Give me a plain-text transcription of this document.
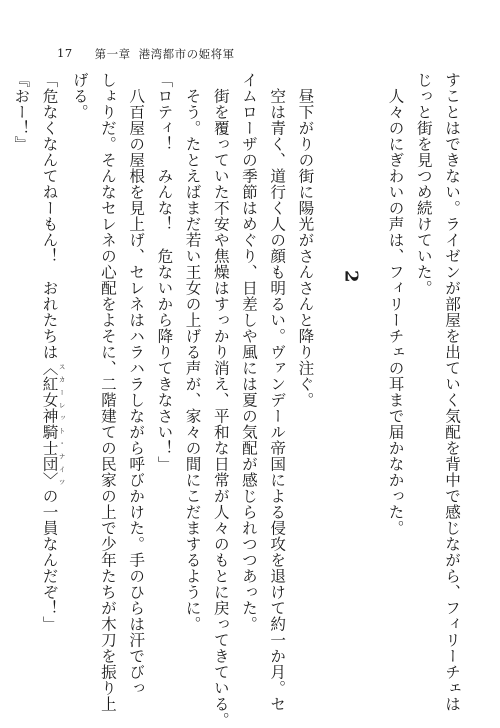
17 第一章 港湾都市の姫将軍
すことはできない。ライゼンが部屋を出ていく気配を背中で感じながら、フィリーチェは
じっと街を見つめ続けていた。
　人々のにぎわいの声は、フィリーチェの耳まで届かなかった。
2
　昼下がりの街に陽光がさんさんと降り注ぐ。
　空は青く、道行く人の顔も明るい。ヴァンデール帝国による侵攻を退けて約一か月。セ
イムローザの季節はめぐり、日差しや風には夏の気配が感じられつつあった。
　街を覆っていた不安や焦燥はすっかり消え、平和な日常が人々のもとに戻ってきている。
　そう。たとえばまだ若い王女の上げる声が、家々の間にこだまするように。
「ロティ！　みんな！　危ないから降りてきなさい！」
　八百屋の屋根を見上げ、セレネはハラハラしながら呼びかけた。手のひらは汗でびっ
しょりだ。そんなセレネの心配をよそに、二階建ての民家の上で少年たちが木刀を振り上
げる。
「危なくなんてねーもん！　おれたちは〈紅女神騎士団〉 スカーレット・ナイツの一員なんだぞ！」
『おー！』
